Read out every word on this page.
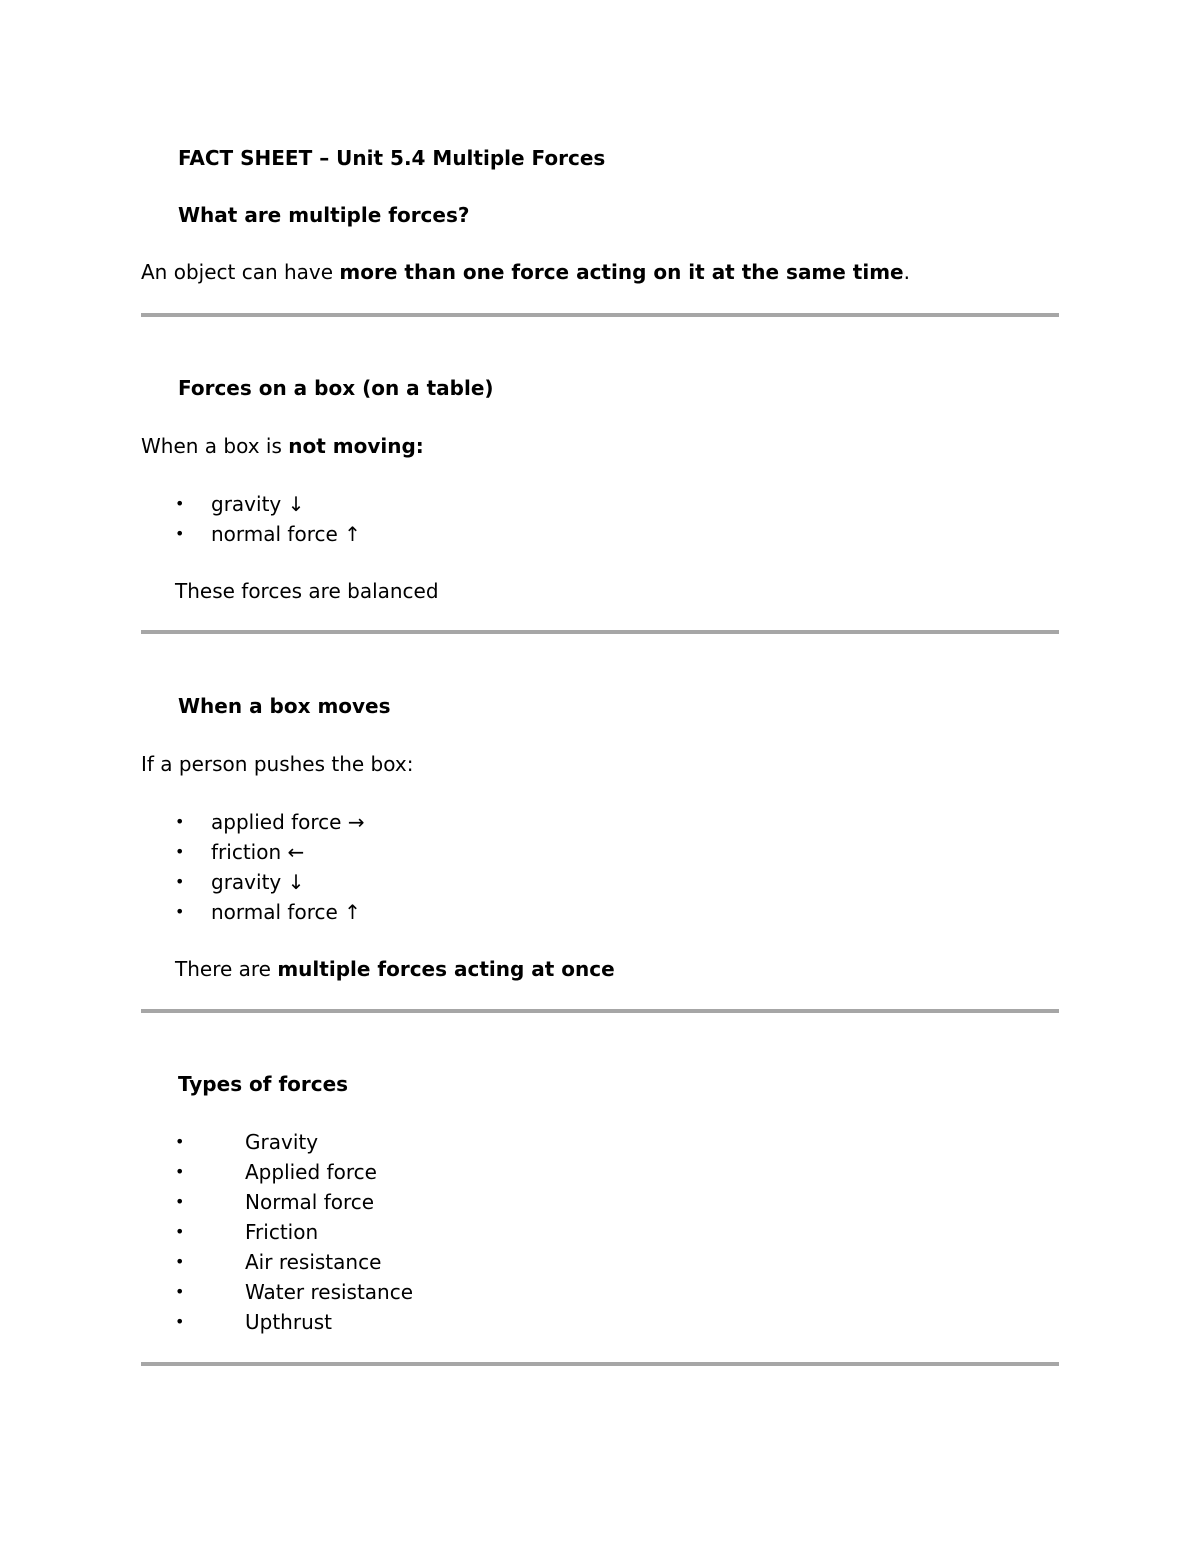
FACT SHEET – Unit 5.4 Multiple Forces
What are multiple forces?
An object can have more than one force acting on it at the same time.
Forces on a box (on a table)
When a box is not moving:
• gravity ↓
• normal force ↑
These forces are balanced
When a box moves
If a person pushes the box:
• applied force →
• friction ←
• gravity ↓
• normal force ↑
There are multiple forces acting at once
Types of forces
•	Gravity
•	Applied force
•	Normal force
•	Friction
•	Air resistance
•	Water resistance
•	Upthrust
